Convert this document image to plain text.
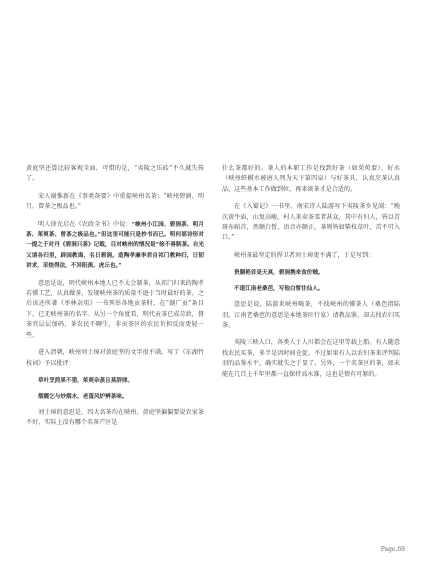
黄庭坚还算比较客观全面。可惜的是，“夷陵之压砖”不久就失传了。

宋人谢惟新在《事类备要》中重提峡州名茶：“峡州碧涧、明月、曾茶之极品也。”

明人徐光启在《农政全书》中说：“峡州小江园、碧涧茶、明月茶、茱萸茶、曾茶之极品也。”但这里可能只是抄书而已。明何部诗形对一提之于对丹《碧涧只茶》记载，目对峡州的情况是“徐不善制茶。自光又请各归里，辟园教诲，名日碧涧。造陶孝廉李君自祁门教种归，日韧讲求，采焙得法，不异阳羡、虎丘也。”

意思是说，明代峡州本地人已不太会制茶，从祁门归来的陶孝若懂工艺，认真做茶，发现峡州茶的质量不逊于当时最好的茶。之后该还所著《枣林杂俎》一书列举各地贡茶时，在“湖广贡”条目下，已无峡州茶的名字。从另一个角度看，明代贡茶已成苛政，督茶官层层加码，茶农民不聊生，非贡茶区的农民负担反而更轻一些。

进入清朝，峡州刘士璋对黄庭坚的文字很不满，写了《东湖竹枝词》予以批评：

草叶烹煎果不猎，茱萸杂蒸且莫辞律。

烟霞乞与炒烟水，老蛋风炉辨茶味。

刘士璋的意思是，四大名茶均在峡州，黄庭坚偏偏要说农家茶不好，实际上没有哪个名茶产区是

什么茶都好的。茶人的本职工作是找到好茶（如茱萸蒙），好水（峡州虾蟆水被唐人列为天下第四泉）与好茶具，认真烹茶认真品，这些基本工作做到位，再来谈茶才是合适的。

在《入蜀记》一书里，南宋诗人陆游写下夷陵茶乡见闻：“晚次黄牛庙，山复高峻。村人来卖茶菜者甚众，其中有妇人，皆以青斑布帕首，然颇白皙，语音亦颇正。茶则皆如柴枝草叶，苦不可入口。”

峡州茶最坚定的捍卫者刘士璋更不满了，于是写到：

贵胭艳首是天真，碧涧携来食价贼。

不道江南老桑芭，写他白皙往仙人。

意思是说，陆游来峡州喝茶，不找峡州的懂茶人（桑芭指陆羽，江南老桑芭的意思是本地茶叶行家）请教品鉴，却去找农妇买茶。

夷陵三峡人口，各类人士人川都会在这里等载上船。有人随意找农民买茶，多半是因时间仓促。不过如果有人以农妇茶来评判陆羽的品鉴水平，确实就失之于显了。另外，一个名茶区的茶，如未能在几百上千年里都一直保持高水准，这也是情有可原的。

Page.69
